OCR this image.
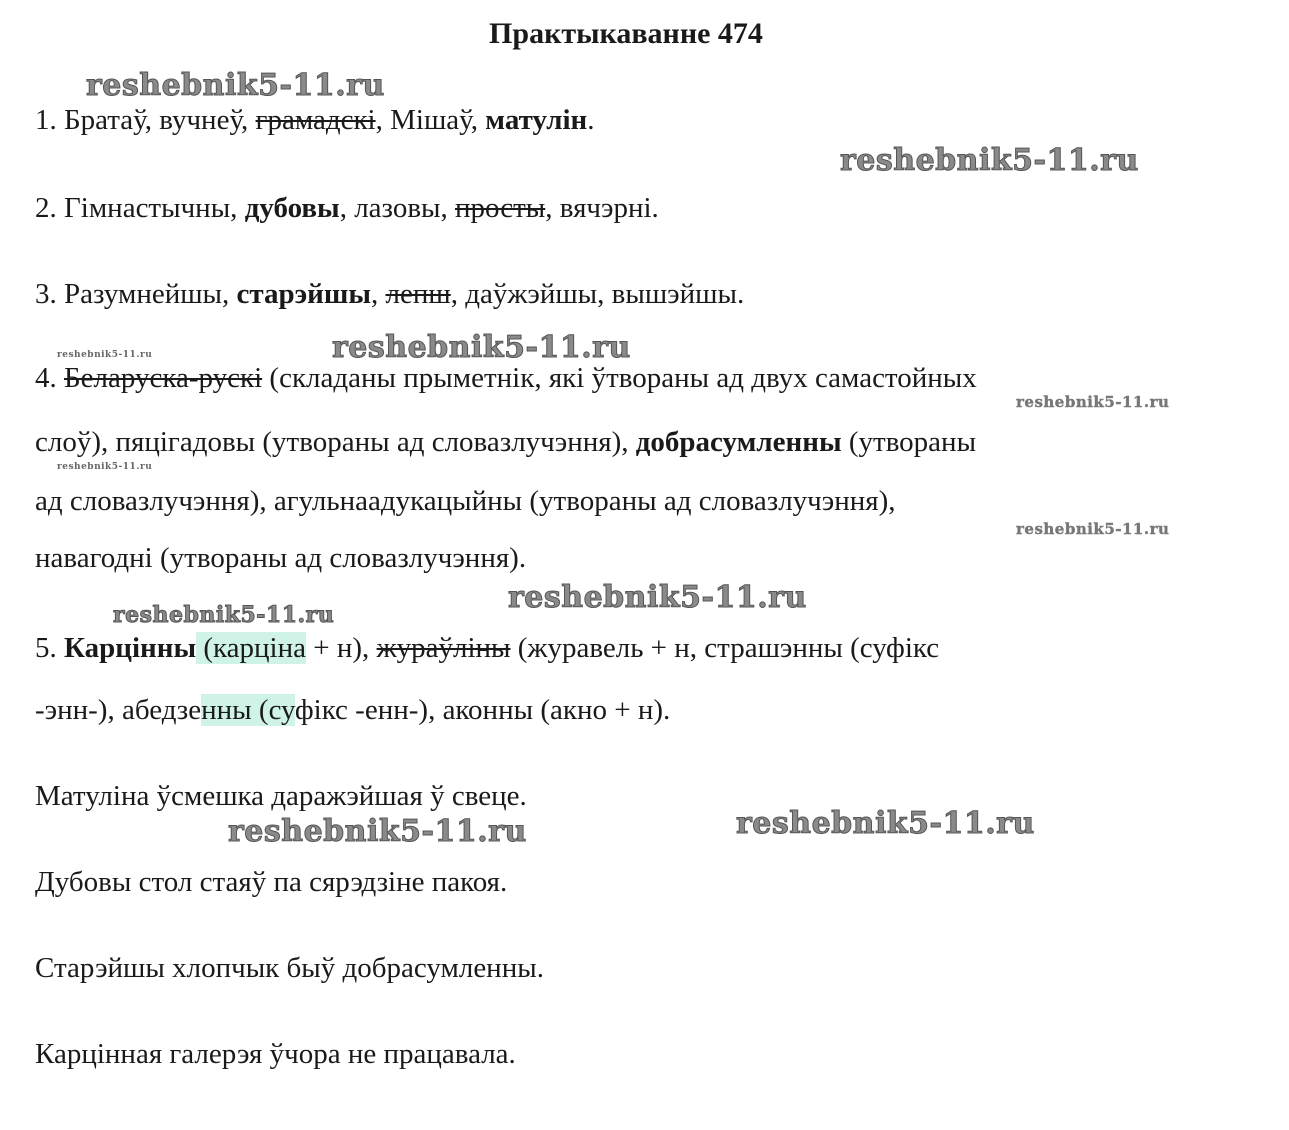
Практыкаванне 474
1. Братаў, вучнеў, грамадскі, Мішаў, матулін.
2. Гімнастычны, дубовы, лазовы, просты, вячэрні.
3. Разумнейшы, старэйшы, лепш, даўжэйшы, вышэйшы.
4. Беларуска-рускі (складаны прыметнік, які ўтвораны ад двух самастойных
слоў), пяцігадовы (утвораны ад словазлучэння), добрасумленны (утвораны
ад словазлучэння), агульнаадукацыйны (утвораны ад словазлучэння),
навагодні (утвораны ад словазлучэння).
5. Карцінны (карціна + н), жураўліны (журавель + н, страшэнны (суфікс
-энн-), абедзенны (суфікс -енн-), аконны (акно + н).
Матуліна ўсмешка даражэйшая ў свеце.
Дубовы стол стаяў па сярэдзіне пакоя.
Старэйшы хлопчык быў добрасумленны.
Карцінная галерэя ўчора не працавала.
reshebnik5-11.ru
reshebnik5-11.ru
reshebnik5-11.ru
reshebnik5-11.ru
reshebnik5-11.ru
reshebnik5-11.ru
reshebnik5-11.ru
reshebnik5-11.ru	reshebnik5-11.ru
reshebnik5-11.ru	reshebnik5-11.ru
